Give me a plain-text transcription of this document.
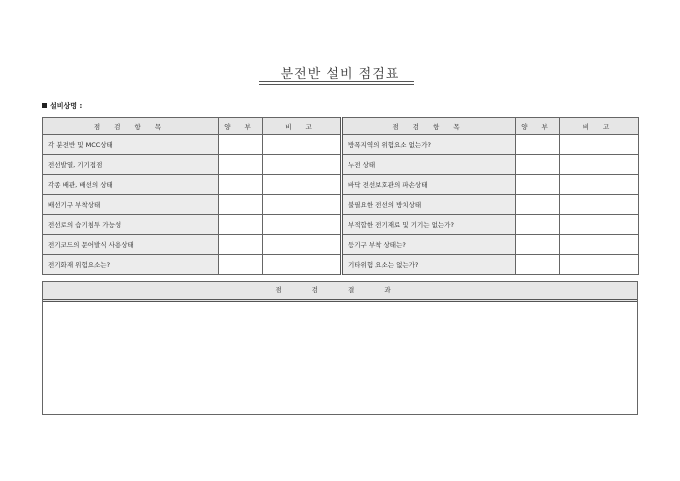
분전반 설비 점검표
설비상명 :
점 검 항 목	양 부	비 고	점 검 항 목	양 부	비 고
각 분전반 및 MCC상태			방폭지역의 위험요소 없는가?		
전선발열, 기기접점			누전 상태		
각종 배관, 배선의 상태			바닥 전선보호관의 파손상태		
배선기구 부착상태			불필요한 전선의 방치상태		
전선로의 습기침투 가능성			부적합한 전기재료 및 기기는 없는가?		
전기코드의 문어발식 사용상태			등기구 부착 상태는?		
전기화재 위험요소는?			기타위험 요소는 없는가?		
점 검 결 과
